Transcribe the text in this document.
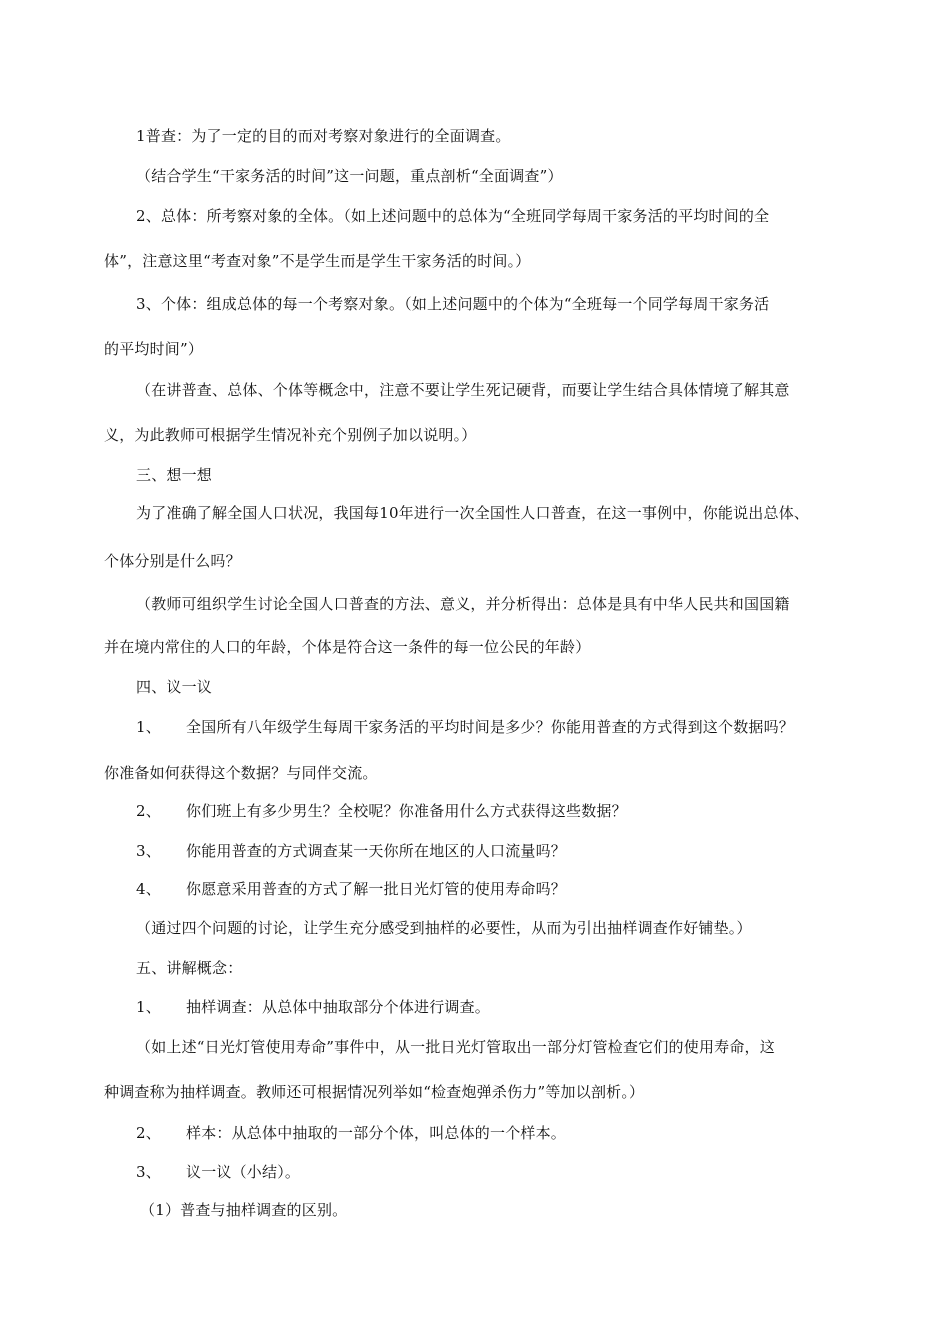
1普查：为了一定的目的而对考察对象进行的全面调查。
（结合学生“干家务活的时间”这一问题，重点剖析“全面调查”）
2、总体：所考察对象的全体。（如上述问题中的总体为“全班同学每周干家务活的平均时间的全
体”，注意这里“考查对象”不是学生而是学生干家务活的时间。）
3、个体：组成总体的每一个考察对象。（如上述问题中的个体为“全班每一个同学每周干家务活
的平均时间”）
（在讲普查、总体、个体等概念中，注意不要让学生死记硬背，而要让学生结合具体情境了解其意
义，为此教师可根据学生情况补充个别例子加以说明。）
三、想一想
为了准确了解全国人口状况，我国每10年进行一次全国性人口普查，在这一事例中，你能说出总体、
个体分别是什么吗？
（教师可组织学生讨论全国人口普查的方法、意义，并分析得出：总体是具有中华人民共和国国籍
并在境内常住的人口的年龄，个体是符合这一条件的每一位公民的年龄）
四、议一议
1、 全国所有八年级学生每周干家务活的平均时间是多少？你能用普查的方式得到这个数据吗？
你准备如何获得这个数据？与同伴交流。
2、 你们班上有多少男生？全校呢？你准备用什么方式获得这些数据？
3、 你能用普查的方式调查某一天你所在地区的人口流量吗？
4、 你愿意采用普查的方式了解一批日光灯管的使用寿命吗？
（通过四个问题的讨论，让学生充分感受到抽样的必要性，从而为引出抽样调查作好铺垫。）
五、讲解概念：
1、 抽样调查：从总体中抽取部分个体进行调查。
（如上述“日光灯管使用寿命”事件中，从一批日光灯管取出一部分灯管检查它们的使用寿命，这
种调查称为抽样调查。教师还可根据情况列举如“检查炮弹杀伤力”等加以剖析。）
2、 样本：从总体中抽取的一部分个体，叫总体的一个样本。
3、 议一议（小结）。
（1）普查与抽样调查的区别。
